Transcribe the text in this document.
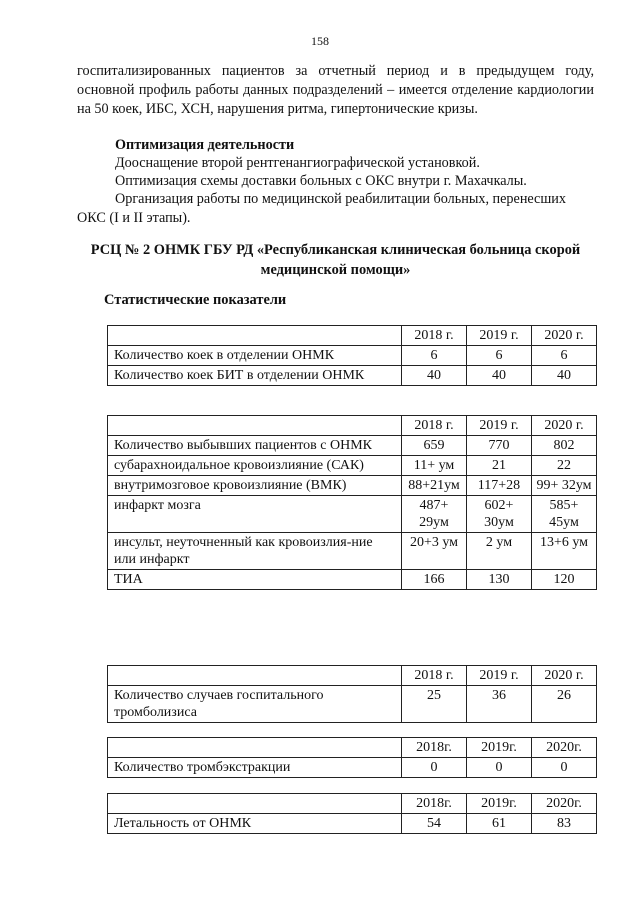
158

госпитализированных пациентов за отчетный период и в предыдущем году, основной профиль работы данных подразделений – имеется отделение кардиологии на 50 коек, ИБС, ХСН, нарушения ритма, гипертонические кризы.

Оптимизация деятельности

Дооснащение второй рентгенангиографической установкой.

Оптимизация схемы доставки больных с ОКС внутри г. Махачкалы.

Организация работы по медицинской реабилитации больных, перенесших ОКС (I и II этапы).

РСЦ № 2 ОНМК ГБУ РД «Республиканская клиническая больница скорой медицинской помощи»

Статистические показатели

	2018 г.	2019 г.	2020 г.
Количество коек в отделении ОНМК	6	6	6
Количество коек БИТ в отделении ОНМК	40	40	40
	2018 г.	2019 г.	2020 г.
Количество выбывших пациентов с ОНМК	659	770	802
субарахноидальное кровоизлияние (САК)	11+ ум	21	22
внутримозговое кровоизлияние (ВМК)	88+21ум	117+28	99+ 32ум
инфаркт мозга	487+ 29ум	602+ 30ум	585+ 45ум
инсульт, неуточненный как кровоизлия-ние или инфаркт	20+3 ум	2 ум	13+6 ум
ТИА	166	130	120
	2018 г.	2019 г.	2020 г.
Количество случаев госпитального тромболизиса	25	36	26
	2018г.	2019г.	2020г.
Количество тромбэкстракции	0	0	0
	2018г.	2019г.	2020г.
Летальность от ОНМК	54	61	83
